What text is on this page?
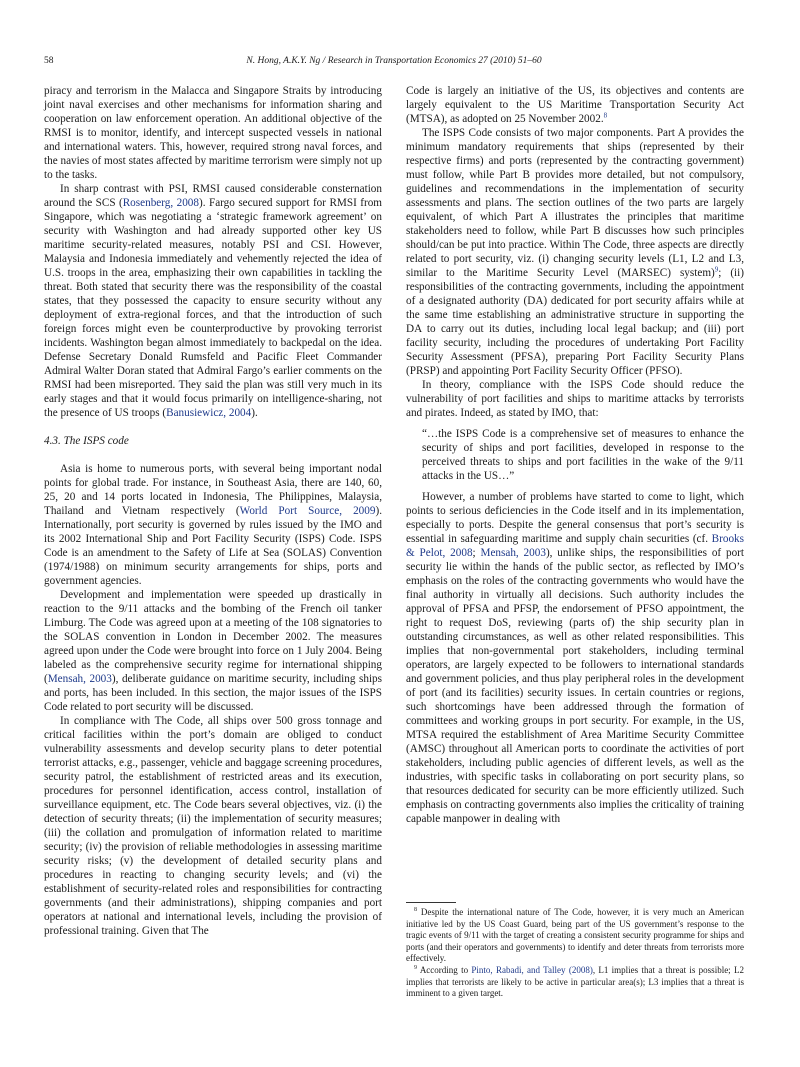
58	N. Hong, A.K.Y. Ng / Research in Transportation Economics 27 (2010) 51–60

piracy and terrorism in the Malacca and Singapore Straits by introducing joint naval exercises and other mechanisms for information sharing and cooperation on law enforcement operation. An additional objective of the RMSI is to monitor, identify, and intercept suspected vessels in national and international waters. This, however, required strong naval forces, and the navies of most states affected by maritime terrorism were simply not up to the tasks.

In sharp contrast with PSI, RMSI caused considerable consternation around the SCS (Rosenberg, 2008). Fargo secured support for RMSI from Singapore, which was negotiating a ‘strategic framework agreement’ on security with Washington and had already supported other key US maritime security-related measures, notably PSI and CSI. However, Malaysia and Indonesia immediately and vehemently rejected the idea of U.S. troops in the area, emphasizing their own capabilities in tackling the threat. Both stated that security there was the responsibility of the coastal states, that they possessed the capacity to ensure security without any deployment of extra-regional forces, and that the introduction of such foreign forces might even be counterproductive by provoking terrorist incidents. Washington began almost immediately to backpedal on the idea. Defense Secretary Donald Rumsfeld and Pacific Fleet Commander Admiral Walter Doran stated that Admiral Fargo’s earlier comments on the RMSI had been misreported. They said the plan was still very much in its early stages and that it would focus primarily on intelligence-sharing, not the presence of US troops (Banusiewicz, 2004).

4.3. The ISPS code

Asia is home to numerous ports, with several being important nodal points for global trade. For instance, in Southeast Asia, there are 140, 60, 25, 20 and 14 ports located in Indonesia, The Philippines, Malaysia, Thailand and Vietnam respectively (World Port Source, 2009). Internationally, port security is governed by rules issued by the IMO and its 2002 International Ship and Port Facility Security (ISPS) Code. ISPS Code is an amendment to the Safety of Life at Sea (SOLAS) Convention (1974/1988) on minimum security arrangements for ships, ports and government agencies.

Development and implementation were speeded up drastically in reaction to the 9/11 attacks and the bombing of the French oil tanker Limburg. The Code was agreed upon at a meeting of the 108 signatories to the SOLAS convention in London in December 2002. The measures agreed upon under the Code were brought into force on 1 July 2004. Being labeled as the comprehensive security regime for international shipping (Mensah, 2003), deliberate guidance on maritime security, including ships and ports, has been included. In this section, the major issues of the ISPS Code related to port security will be discussed.

In compliance with The Code, all ships over 500 gross tonnage and critical facilities within the port’s domain are obliged to conduct vulnerability assessments and develop security plans to deter potential terrorist attacks, e.g., passenger, vehicle and baggage screening procedures, security patrol, the establishment of restricted areas and its execution, procedures for personnel identification, access control, installation of surveillance equipment, etc. The Code bears several objectives, viz. (i) the detection of security threats; (ii) the implementation of security measures; (iii) the collation and promulgation of information related to maritime security; (iv) the provision of reliable methodologies in assessing maritime security risks; (v) the development of detailed security plans and procedures in reacting to changing security levels; and (vi) the establishment of security-related roles and responsibilities for contracting governments (and their administrations), shipping companies and port operators at national and international levels, including the provision of professional training. Given that The

Code is largely an initiative of the US, its objectives and contents are largely equivalent to the US Maritime Transportation Security Act (MTSA), as adopted on 25 November 2002.$^8$

The ISPS Code consists of two major components. Part A provides the minimum mandatory requirements that ships (represented by their respective firms) and ports (represented by the contracting government) must follow, while Part B provides more detailed, but not compulsory, guidelines and recommendations in the implementation of security assessments and plans. The section outlines of the two parts are largely equivalent, of which Part A illustrates the principles that maritime stakeholders need to follow, while Part B discusses how such principles should/can be put into practice. Within The Code, three aspects are directly related to port security, viz. (i) changing security levels (L1, L2 and L3, similar to the Maritime Security Level (MARSEC) system)$^9$; (ii) responsibilities of the contracting governments, including the appointment of a designated authority (DA) dedicated for port security affairs while at the same time establishing an administrative structure in supporting the DA to carry out its duties, including local legal backup; and (iii) port facility security, including the procedures of undertaking Port Facility Security Assessment (PFSA), preparing Port Facility Security Plans (PRSP) and appointing Port Facility Security Officer (PFSO).

In theory, compliance with the ISPS Code should reduce the vulnerability of port facilities and ships to maritime attacks by terrorists and pirates. Indeed, as stated by IMO, that:

“…the ISPS Code is a comprehensive set of measures to enhance the security of ships and port facilities, developed in response to the perceived threats to ships and port facilities in the wake of the 9/11 attacks in the US…”

However, a number of problems have started to come to light, which points to serious deficiencies in the Code itself and in its implementation, especially to ports. Despite the general consensus that port’s security is essential in safeguarding maritime and supply chain securities (cf. Brooks & Pelot, 2008; Mensah, 2003), unlike ships, the responsibilities of port security lie within the hands of the public sector, as reflected by IMO’s emphasis on the roles of the contracting governments who would have the final authority in virtually all decisions. Such authority includes the approval of PFSA and PFSP, the endorsement of PFSO appointment, the right to request DoS, reviewing (parts of) the ship security plan in outstanding circumstances, as well as other related responsibilities. This implies that non-governmental port stakeholders, including terminal operators, are largely expected to be followers to international standards and government policies, and thus play peripheral roles in the development of port (and its facilities) security issues. In certain countries or regions, such shortcomings have been addressed through the formation of committees and working groups in port security. For example, in the US, MTSA required the establishment of Area Maritime Security Committee (AMSC) throughout all American ports to coordinate the activities of port stakeholders, including public agencies of different levels, as well as the industries, with specific tasks in collaborating on port security plans, so that resources dedicated for security can be more efficiently utilized. Such emphasis on contracting governments also implies the criticality of training capable manpower in dealing with

$^8$ Despite the international nature of The Code, however, it is very much an American initiative led by the US Coast Guard, being part of the US government’s response to the tragic events of 9/11 with the target of creating a consistent security programme for ships and ports (and their operators and governments) to identify and deter threats from terrorists more effectively.

$^9$ According to Pinto, Rabadi, and Talley (2008), L1 implies that a threat is possible; L2 implies that terrorists are likely to be active in particular area(s); L3 implies that a threat is imminent to a given target.
